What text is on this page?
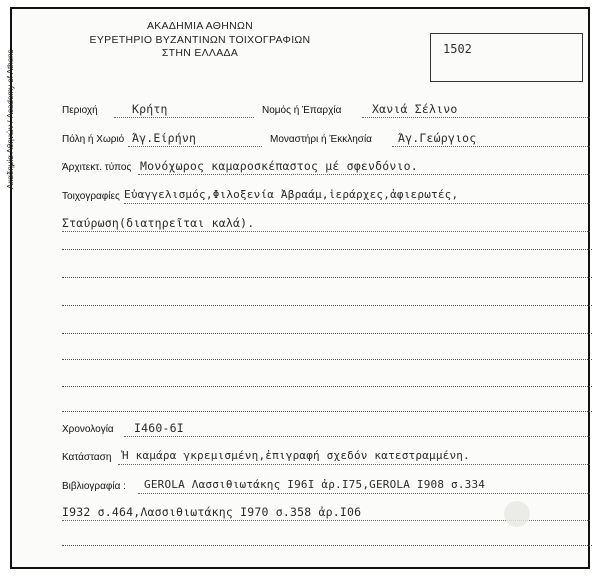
Ακαδημία Αθηνών / Academy of Athens
ΑΚΑΔΗΜΙΑ ΑΘΗΝΩΝ
ΕΥΡΕΤΗΡΙΟ ΒΥΖΑΝΤΙΝΩΝ ΤΟΙΧΟΓΡΑΦΙΩΝ
ΣΤΗΝ ΕΛΛΑΔΑ	1502
Περιοχή	Κρήτη	Νομός ή Έπαρχία	Χανιά Σέλινο
Πόλη ή Χωριό Άγ.Είρήνη	Μοναστήρι ή Έκκλησία Άγ.Γεώργιος
Άρχιτεκτ. τύπος Μονόχωρος καμαροσκέπαστος μέ σφενδόνιο.
Τοιχογραφίες Εὐαγγελισμός,Φιλοξενία Ἀβραάμ,ἱεράρχες,ἀφιερωτές,
Σταύρωση(διατηρεῖται καλά).
Χρονολογία Ι460-6Ι
Κατάσταση Ἡ καμάρα γκρεμισμένη,ἐπιγραφή σχεδόν κατεστραμμένη.
Βιβλιογραφία : GEROLA Λασσιθιωτάκης Ι96Ι ἀρ.Ι75,GEROLA Ι908 σ.334
Ι932 σ.464,Λασσιθιωτάκης Ι970 σ.358 ἀρ.Ι06
